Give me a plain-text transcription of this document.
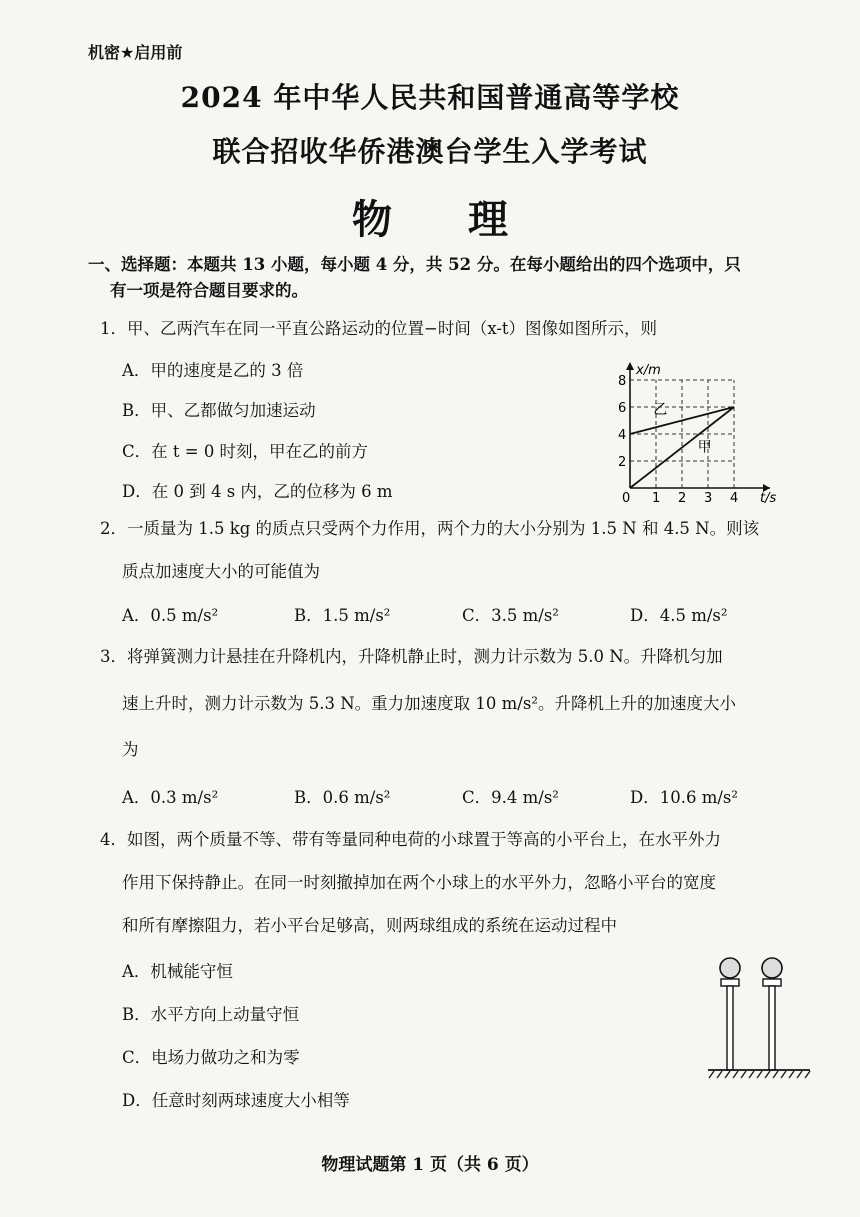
机密★启用前
2024 年中华人民共和国普通高等学校
联合招收华侨港澳台学生入学考试
物 理
一、选择题：本题共 13 小题，每小题 4 分，共 52 分。在每小题给出的四个选项中，只
有一项是符合题目要求的。
1．甲、乙两汽车在同一平直公路运动的位置−时间（x-t）图像如图所示，则
A．甲的速度是乙的 3 倍
B．甲、乙都做匀加速运动
C．在 t = 0 时刻，甲在乙的前方
D．在 0 到 4 s 内，乙的位移为 6 m	1 2 3 4
2
4
6
8
甲
乙
x/m
t/s
0
2．一质量为 1.5 kg 的质点只受两个力作用，两个力的大小分别为 1.5 N 和 4.5 N。则该
质点加速度大小的可能值为
A．0.5 m/s²	B．1.5 m/s²	C．3.5 m/s²	D．4.5 m/s²
3．将弹簧测力计悬挂在升降机内，升降机静止时，测力计示数为 5.0 N。升降机匀加
速上升时，测力计示数为 5.3 N。重力加速度取 10 m/s²。升降机上升的加速度大小
为
A．0.3 m/s²	B．0.6 m/s²	C．9.4 m/s²	D．10.6 m/s²
4．如图，两个质量不等、带有等量同种电荷的小球置于等高的小平台上，在水平外力
作用下保持静止。在同一时刻撤掉加在两个小球上的水平外力，忽略小平台的宽度
和所有摩擦阻力，若小平台足够高，则两球组成的系统在运动过程中
A．机械能守恒
B．水平方向上动量守恒
C．电场力做功之和为零
D．任意时刻两球速度大小相等
物理试题第 1 页（共 6 页）
